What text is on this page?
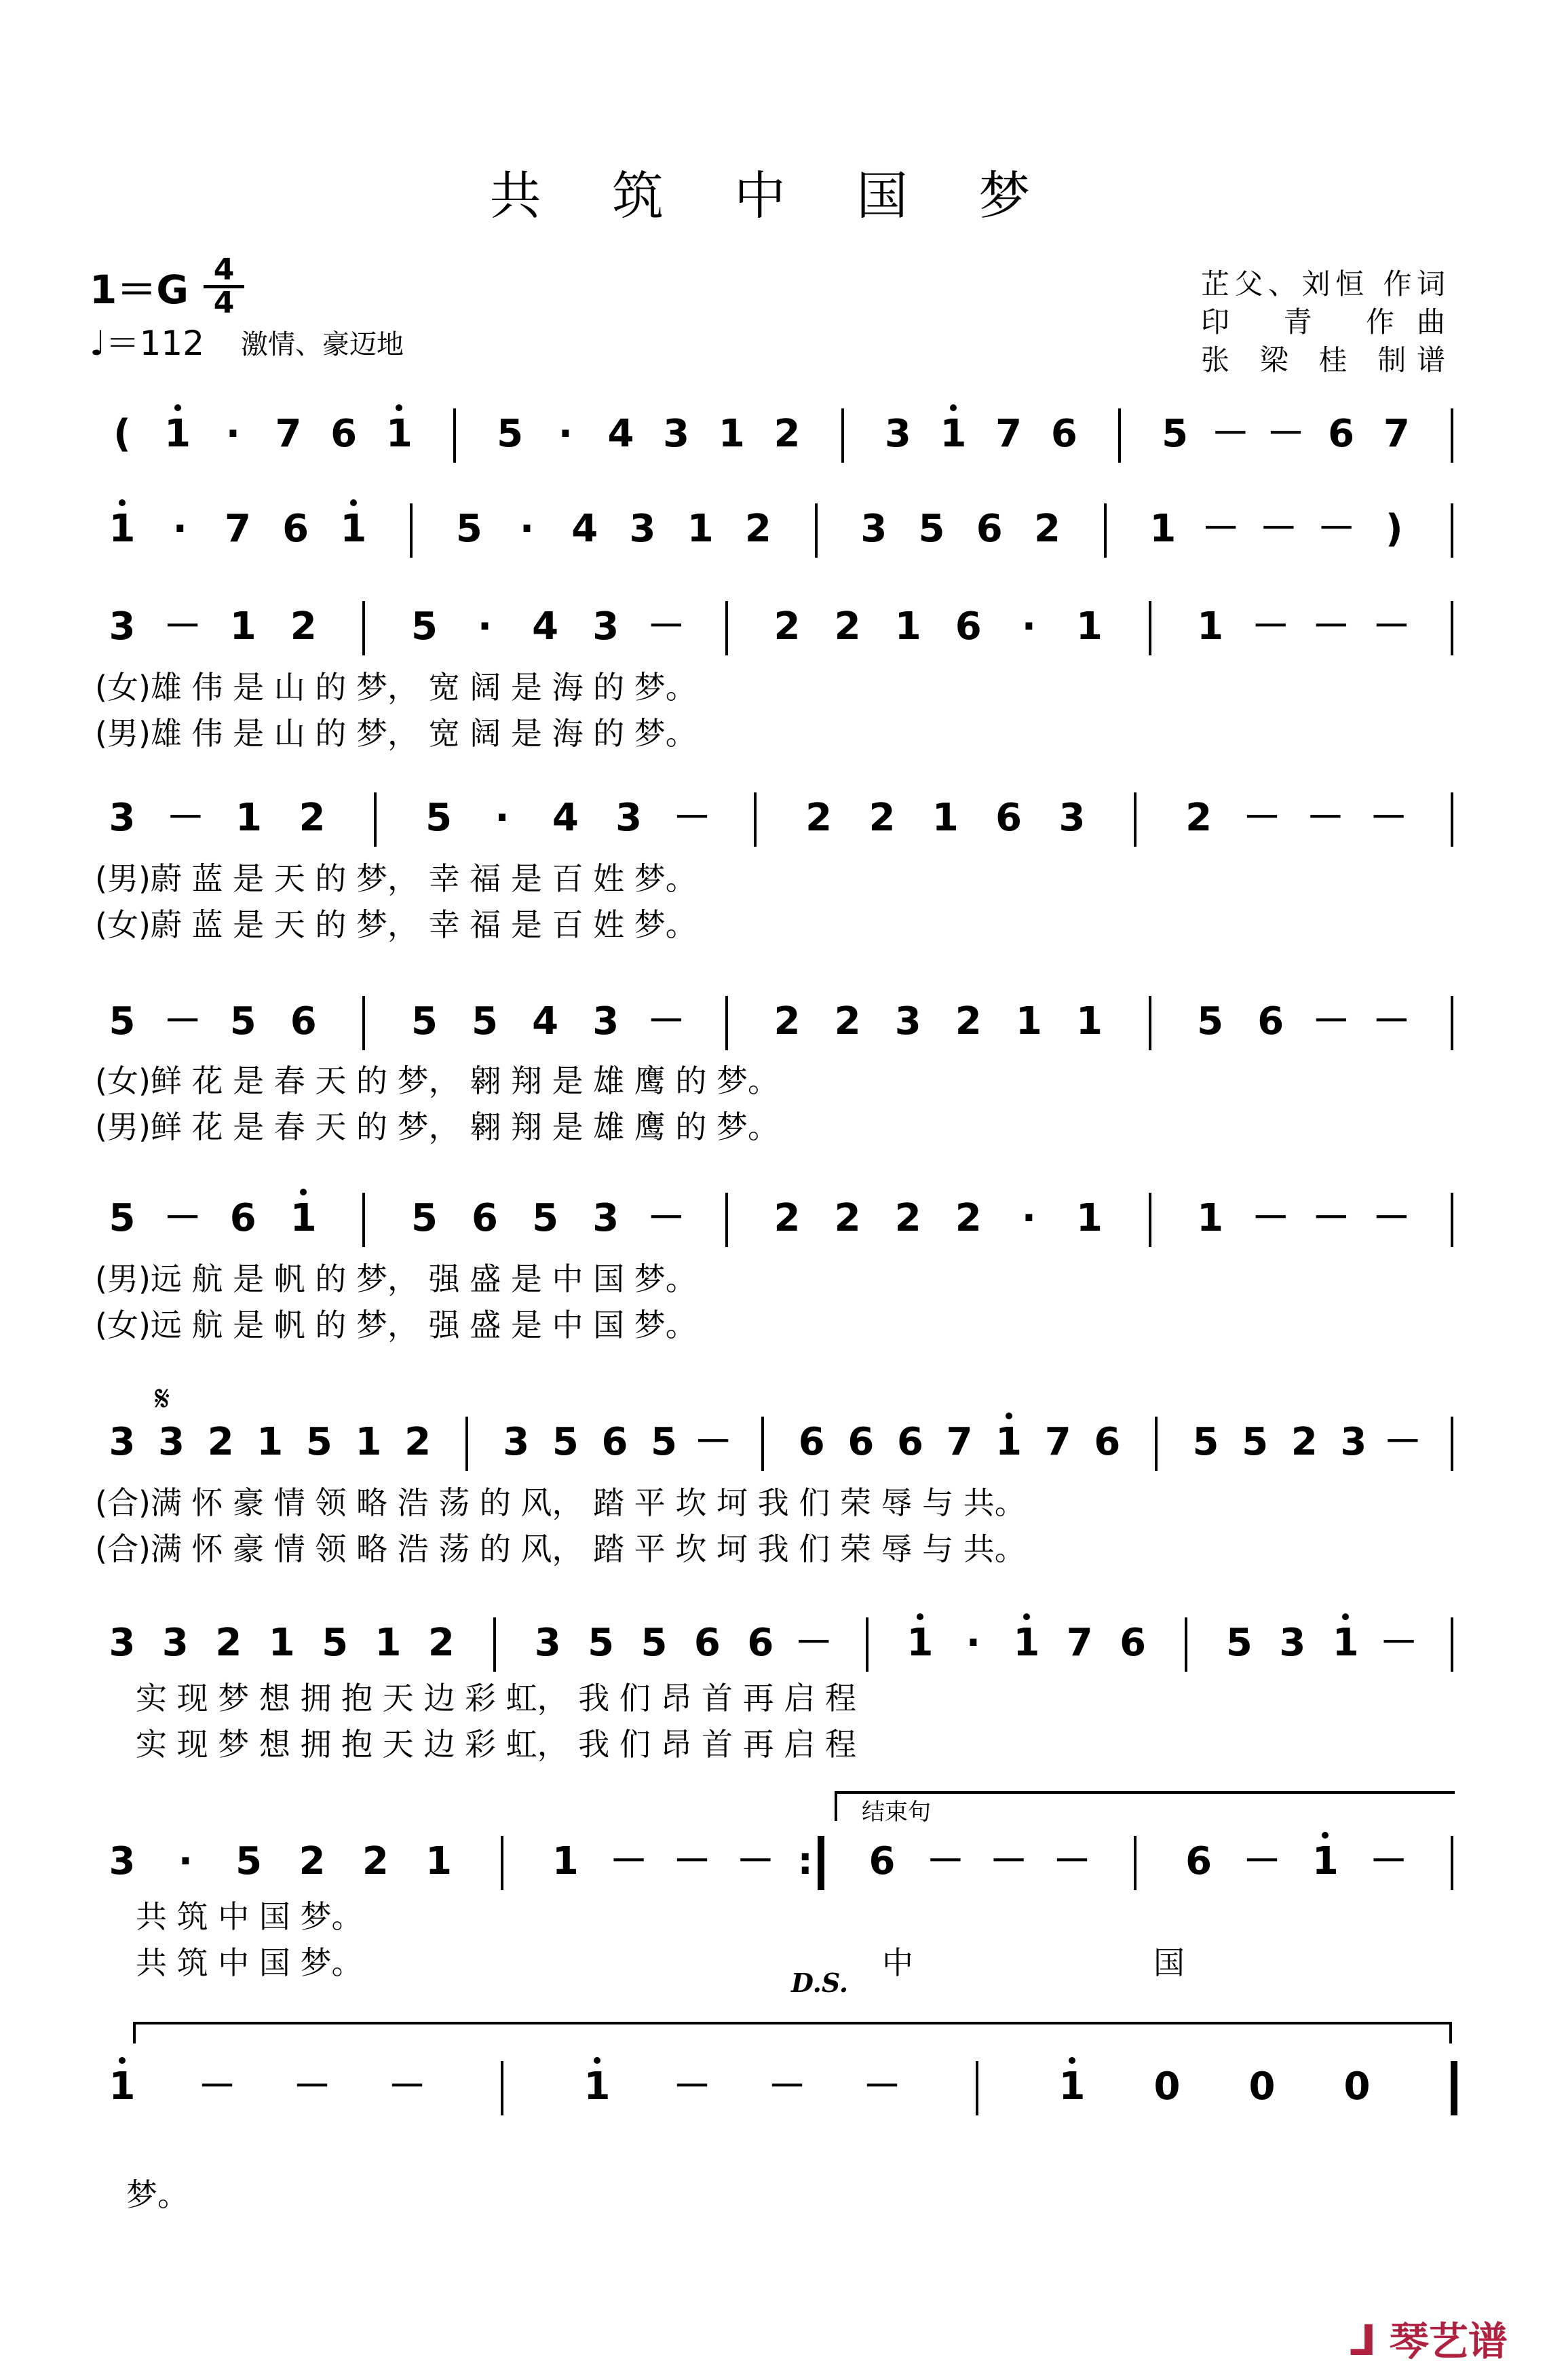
共 筑 中 国 梦
1＝G 4
4
♩＝112 激情、豪迈地
芷父、刘恒 作词
印 青 作曲
张 梁 桂 制谱
( 1 · 7 6 1 5 · 4 3 1 2 3 1 7 6 5 － － 6 7
1 · 7 6 1 5 · 4 3 1 2 3 5 6 2 1 － － － )
3 － 1 2 5	·	4 3 － 2 2 1 6	·	1 1 － － －
3 － 1 2	5	·	4 3 － 2 2 1 6 3	2 － － －
5 － 5 6 5 5 4 3 － 2 2 3 2 1 1 5 6 － －
5 － 6 1 5 6 5 3 － 2 2 2 2	·	1 1 － － －
3 3 2 1 5 1 2 3 5 6 5 － 6 6 6 7 1 7 6 5 5 2 3 －
3 3 2 1 5 1 2 3 5 5 6 6 － 1 · 1 7 6 5 3 1 －
3	·	5 2 2 1	1 － － － :	6 － － － 6 － 1 －
1 － － －	1 － － －	1 0 0 0
(女)雄 伟 是 山 的 梦， 宽 阔 是 海 的 梦。
(男)雄 伟 是 山 的 梦， 宽 阔 是 海 的 梦。
(男)蔚 蓝 是 天 的 梦， 幸 福 是 百 姓 梦。
(女)蔚 蓝 是 天 的 梦， 幸 福 是 百 姓 梦。
(女)鲜 花 是 春 天 的 梦， 翱 翔 是 雄 鹰 的 梦。
(男)鲜 花 是 春 天 的 梦， 翱 翔 是 雄 鹰 的 梦。
(男)远 航 是 帆 的 梦， 强 盛 是 中 国 梦。
(女)远 航 是 帆 的 梦， 强 盛 是 中 国 梦。
(合)满 怀 豪 情 领 略 浩 荡 的 风， 踏 平 坎 坷 我 们 荣 辱 与 共。
(合)满 怀 豪 情 领 略 浩 荡 的 风， 踏 平 坎 坷 我 们 荣 辱 与 共。
实 现 梦 想 拥 抱 天 边 彩 虹， 我 们 昂 首 再 启 程
实 现 梦 想 拥 抱 天 边 彩 虹， 我 们 昂 首 再 启 程
共 筑 中 国 梦。
共 筑 中 国 梦。	中	国
梦。
D.S.
𝄋
结束句
⅃ 琴艺谱
